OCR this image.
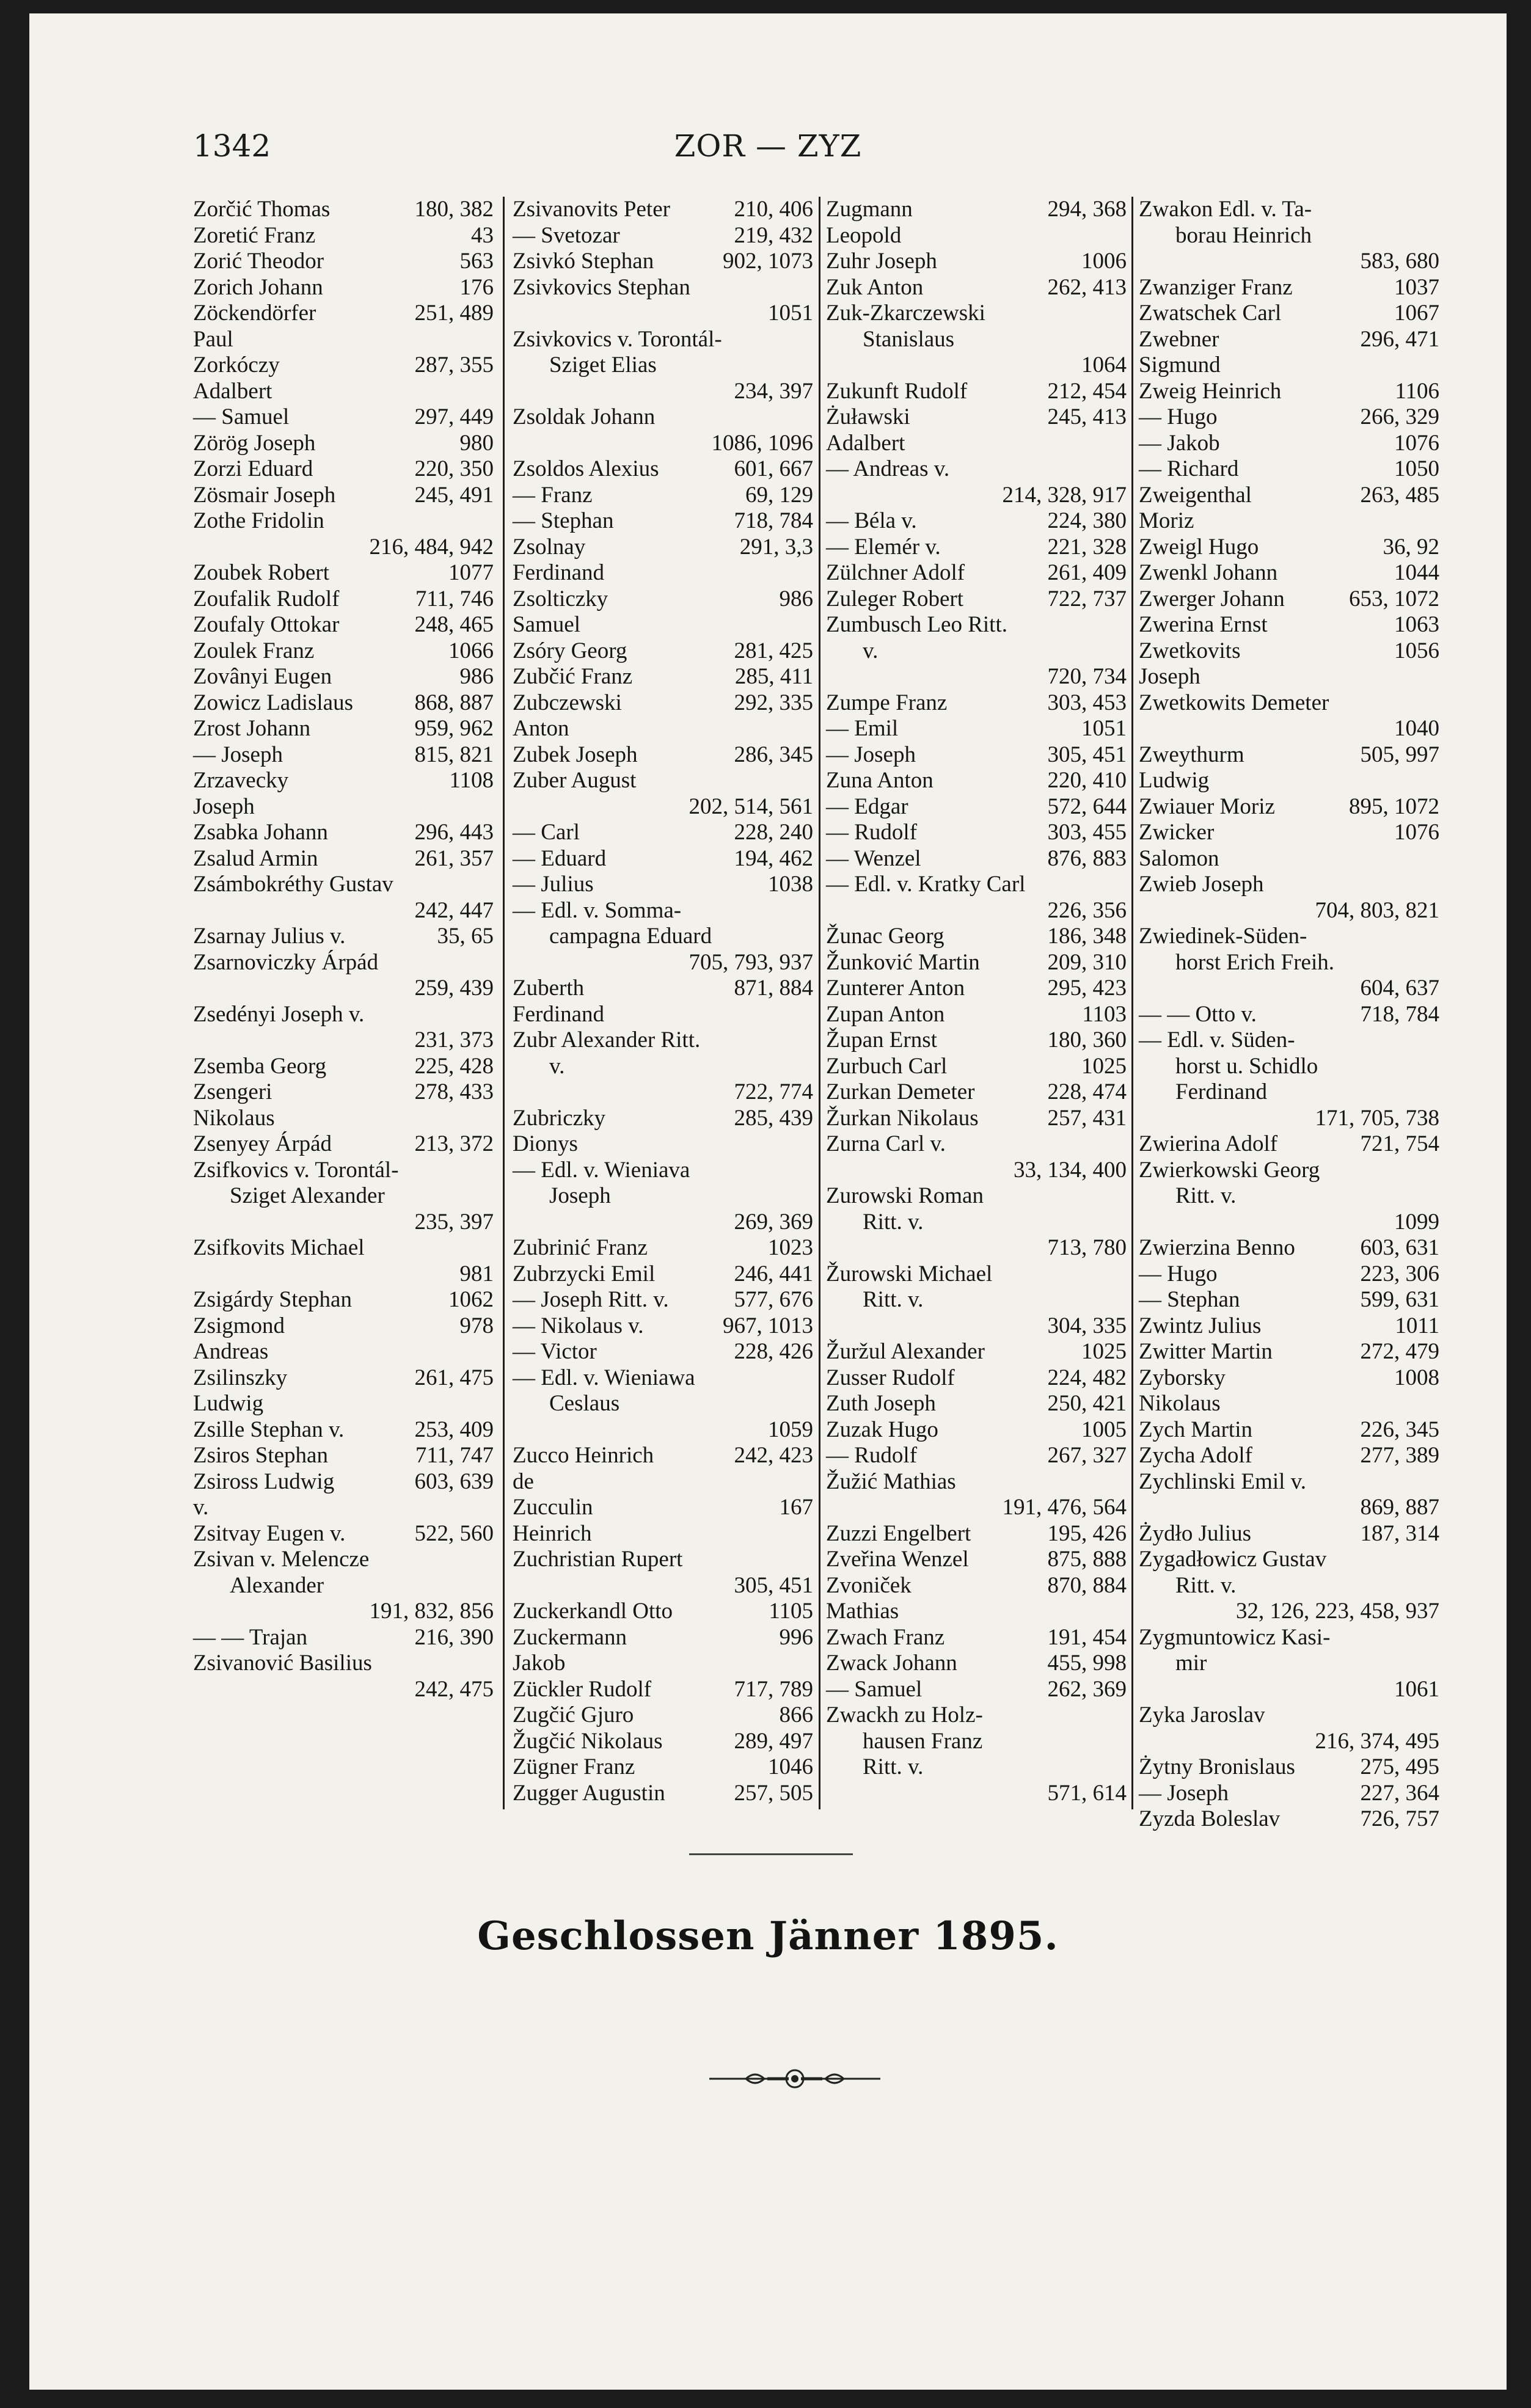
1342	ZOR — ZYZ
Zorčić Thomas	180, 382
Zoretić Franz	43
Zorić Theodor	563
Zorich Johann	176
Zöckendörfer Paul
251, 489
Zorkóczy Adalbert
287, 355
— Samuel	297, 449
Zörög Joseph	980
Zorzi Eduard	220, 350
Zösmair Joseph	245, 491
Zothe Fridolin
216, 484, 942
Zoubek Robert	1077
Zoufalik Rudolf	711, 746
Zoufaly Ottokar	248, 465
Zoulek Franz	1066
Zovânyi Eugen	986
Zowicz Ladislaus	868, 887
Zrost Johann	959, 962
— Joseph	815, 821
Zrzavecky Joseph
1108
Zsabka Johann	296, 443
Zsalud Armin	261, 357
Zsámbokréthy Gustav
242, 447
Zsarnay Julius v.	35, 65
Zsarnoviczky Árpád
259, 439
Zsedényi Joseph v.
231, 373
Zsemba Georg	225, 428
Zsengeri Nikolaus
278, 433
Zsenyey Árpád	213, 372
Zsifkovics v. Torontál-
Sziget Alexander
235, 397
Zsifkovits Michael
981
Zsigárdy Stephan	1062
Zsigmond Andreas
978
Zsilinszky Ludwig
261, 475
Zsille Stephan v.	253, 409
Zsiros Stephan	711, 747
Zsiross Ludwig v.
603, 639
Zsitvay Eugen v.	522, 560
Zsivan v. Melencze
Alexander
191, 832, 856
— — Trajan	216, 390
Zsivanović Basilius
242, 475
Zsivanovits Peter	210, 406
— Svetozar	219, 432
Zsivkó Stephan	902, 1073
Zsivkovics Stephan
1051
Zsivkovics v. Torontál-
Sziget Elias
234, 397
Zsoldak Johann
1086, 1096
Zsoldos Alexius	601, 667
— Franz	69, 129
— Stephan	718, 784
Zsolnay Ferdinand
291, 3,3
Zsolticzky Samuel
986
Zsóry Georg	281, 425
Zubčić Franz	285, 411
Zubczewski Anton
292, 335
Zubek Joseph	286, 345
Zuber August
202, 514, 561
— Carl	228, 240
— Eduard	194, 462
— Julius	1038
— Edl. v. Somma-
campagna Eduard
705, 793, 937
Zuberth Ferdinand
871, 884
Zubr Alexander Ritt.
v.
722, 774
Zubriczky Dionys
285, 439
— Edl. v. Wieniava
Joseph
269, 369
Zubrinić Franz	1023
Zubrzycki Emil	246, 441
— Joseph Ritt. v.	577, 676
— Nikolaus v.	967, 1013
— Victor	228, 426
— Edl. v. Wieniawa
Ceslaus
1059
Zucco Heinrich de
242, 423
Zucculin Heinrich
167
Zuchristian Rupert
305, 451
Zuckerkandl Otto	1105
Zuckermann Jakob
996
Zückler Rudolf	717, 789
Zugčić Gjuro	866
Žugčić Nikolaus	289, 497
Zügner Franz	1046
Zugger Augustin	257, 505
Zugmann Leopold
294, 368
Zuhr Joseph	1006
Zuk Anton	262, 413
Zuk-Zkarczewski
Stanislaus
1064
Zukunft Rudolf	212, 454
Żuławski Adalbert
245, 413
— Andreas v.
214, 328, 917
— Béla v.	224, 380
— Elemér v.	221, 328
Zülchner Adolf	261, 409
Zuleger Robert	722, 737
Zumbusch Leo Ritt.
v.
720, 734
Zumpe Franz	303, 453
— Emil	1051
— Joseph	305, 451
Zuna Anton	220, 410
— Edgar	572, 644
— Rudolf	303, 455
— Wenzel	876, 883
— Edl. v. Kratky Carl
226, 356
Žunac Georg	186, 348
Žunković Martin	209, 310
Zunterer Anton	295, 423
Zupan Anton	1103
Župan Ernst	180, 360
Zurbuch Carl	1025
Zurkan Demeter	228, 474
Žurkan Nikolaus	257, 431
Zurna Carl v.
33, 134, 400
Zurowski Roman
Ritt. v.
713, 780
Žurowski Michael
Ritt. v.
304, 335
Žuržul Alexander	1025
Zusser Rudolf	224, 482
Zuth Joseph	250, 421
Zuzak Hugo	1005
— Rudolf	267, 327
Žužić Mathias
191, 476, 564
Zuzzi Engelbert	195, 426
Zveřina Wenzel	875, 888
Zvoniček Mathias
870, 884
Zwach Franz	191, 454
Zwack Johann	455, 998
— Samuel	262, 369
Zwackh zu Holz-
hausen Franz
Ritt. v.
571, 614
Zwakon Edl. v. Ta-
borau Heinrich
583, 680
Zwanziger Franz	1037
Zwatschek Carl	1067
Zwebner Sigmund
296, 471
Zweig Heinrich	1106
— Hugo	266, 329
— Jakob	1076
— Richard	1050
Zweigenthal Moriz
263, 485
Zweigl Hugo	36, 92
Zwenkl Johann	1044
Zwerger Johann	653, 1072
Zwerina Ernst	1063
Zwetkovits Joseph
1056
Zwetkowits Demeter
1040
Zweythurm Ludwig
505, 997
Zwiauer Moriz	895, 1072
Zwicker Salomon
1076
Zwieb Joseph
704, 803, 821
Zwiedinek-Süden-
horst Erich Freih.
604, 637
— — Otto v.	718, 784
— Edl. v. Süden-
horst u. Schidlo
Ferdinand
171, 705, 738
Zwierina Adolf	721, 754
Zwierkowski Georg
Ritt. v.
1099
Zwierzina Benno	603, 631
— Hugo	223, 306
— Stephan	599, 631
Zwintz Julius	1011
Zwitter Martin	272, 479
Zyborsky Nikolaus
1008
Zych Martin	226, 345
Zycha Adolf	277, 389
Zychlinski Emil v.
869, 887
Żydło Julius	187, 314
Zygadłowicz Gustav
Ritt. v.
32, 126, 223, 458, 937
Zygmuntowicz Kasi-
mir
1061
Zyka Jaroslav
216, 374, 495
Żytny Bronislaus	275, 495
— Joseph	227, 364
Zyzda Boleslav	726, 757
Geschlossen Jänner 1895.
